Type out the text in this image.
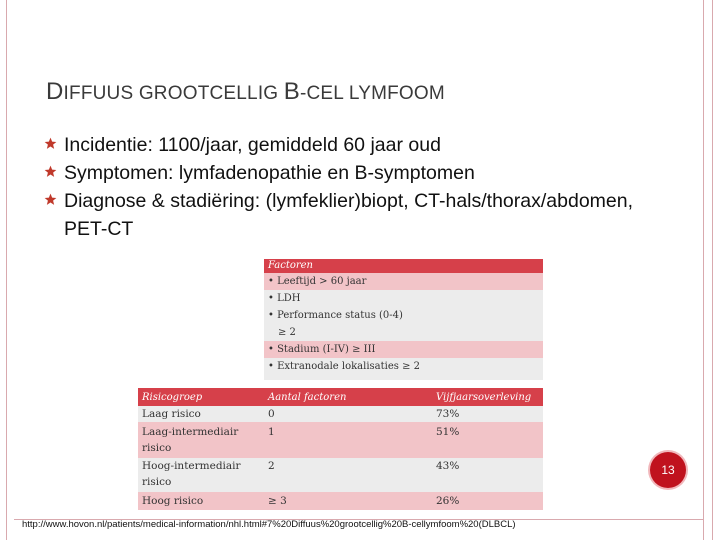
DIFFUUS GROOTCELLIG B-CEL LYMFOOM
Incidentie: 1100/jaar, gemiddeld 60 jaar oud
Symptomen: lymfadenopathie en B-symptomen
Diagnose & stadiëring: (lymfeklier)biopt, CT-hals/thorax/abdomen, PET-CT
Factoren
• Leeftijd > 60 jaar
• LDH
• Performance status (0-4)
≥ 2
• Stadium (I-IV) ≥ III
• Extranodale lokalisaties ≥ 2
Risicogroep	Aantal factoren	Vijfjaarsoverleving
Laag risico	0	73%
Laag-intermediair
risico
1	51%
Hoog-intermediair
risico
2	43%
Hoog risico	≥ 3	26%
13
http://www.hovon.nl/patients/medical-information/nhl.html#7%20Diffuus%20grootcellig%20B-cellymfoom%20(DLBCL)
